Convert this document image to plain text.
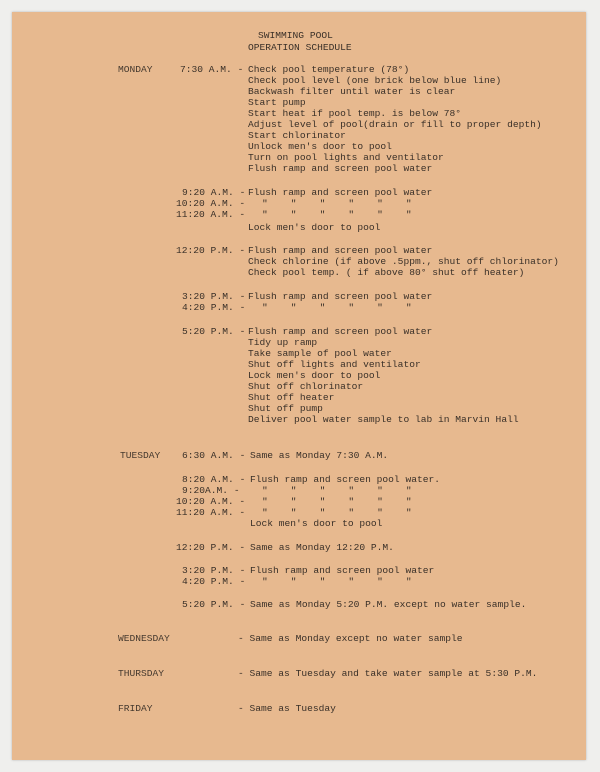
SWIMMING POOL
OPERATION SCHEDULE
MONDAY	7:30 A.M. - Check pool temperature (78°)
Check pool level (one brick below blue line)
Backwash filter until water is clear
Start pump
Start heat if pool temp. is below 78°
Adjust level of pool(drain or fill to proper depth)
Start chlorinator
Unlock men's door to pool
Turn on pool lights and ventilator
Flush ramp and screen pool water
9:20 A.M. - Flush ramp and screen pool water
10:20 A.M. - "    "    "    "    "    "
11:20 A.M. - "    "    "    "    "    "
Lock men's door to pool
12:20 P.M. - Flush ramp and screen pool water
Check chlorine (if above .5ppm., shut off chlorinator)
Check pool temp. ( if above 80° shut off heater)
3:20 P.M. - Flush ramp and screen pool water
4:20 P.M. - "    "    "    "    "    "
5:20 P.M. - Flush ramp and screen pool water
Tidy up ramp
Take sample of pool water
Shut off lights and ventilator
Lock men's door to pool
Shut off chlorinator
Shut off heater
Shut off pump
Deliver pool water sample to lab in Marvin Hall
TUESDAY 6:30 A.M. - Same as Monday 7:30 A.M.
8:20 A.M. - Flush ramp and screen pool water.
9:20A.M. - "    "    "    "    "    "
10:20 A.M. - "    "    "    "    "    "
11:20 A.M. - "    "    "    "    "    "
Lock men's door to pool
12:20 P.M. - Same as Monday 12:20 P.M.
3:20 P.M. - Flush ramp and screen pool water
4:20 P.M. - "    "    "    "    "    "
5:20 P.M. - Same as Monday 5:20 P.M. except no water sample.
WEDNESDAY	- Same as Monday except no water sample
THURSDAY	- Same as Tuesday and take water sample at 5:30 P.M.
FRIDAY	- Same as Tuesday
